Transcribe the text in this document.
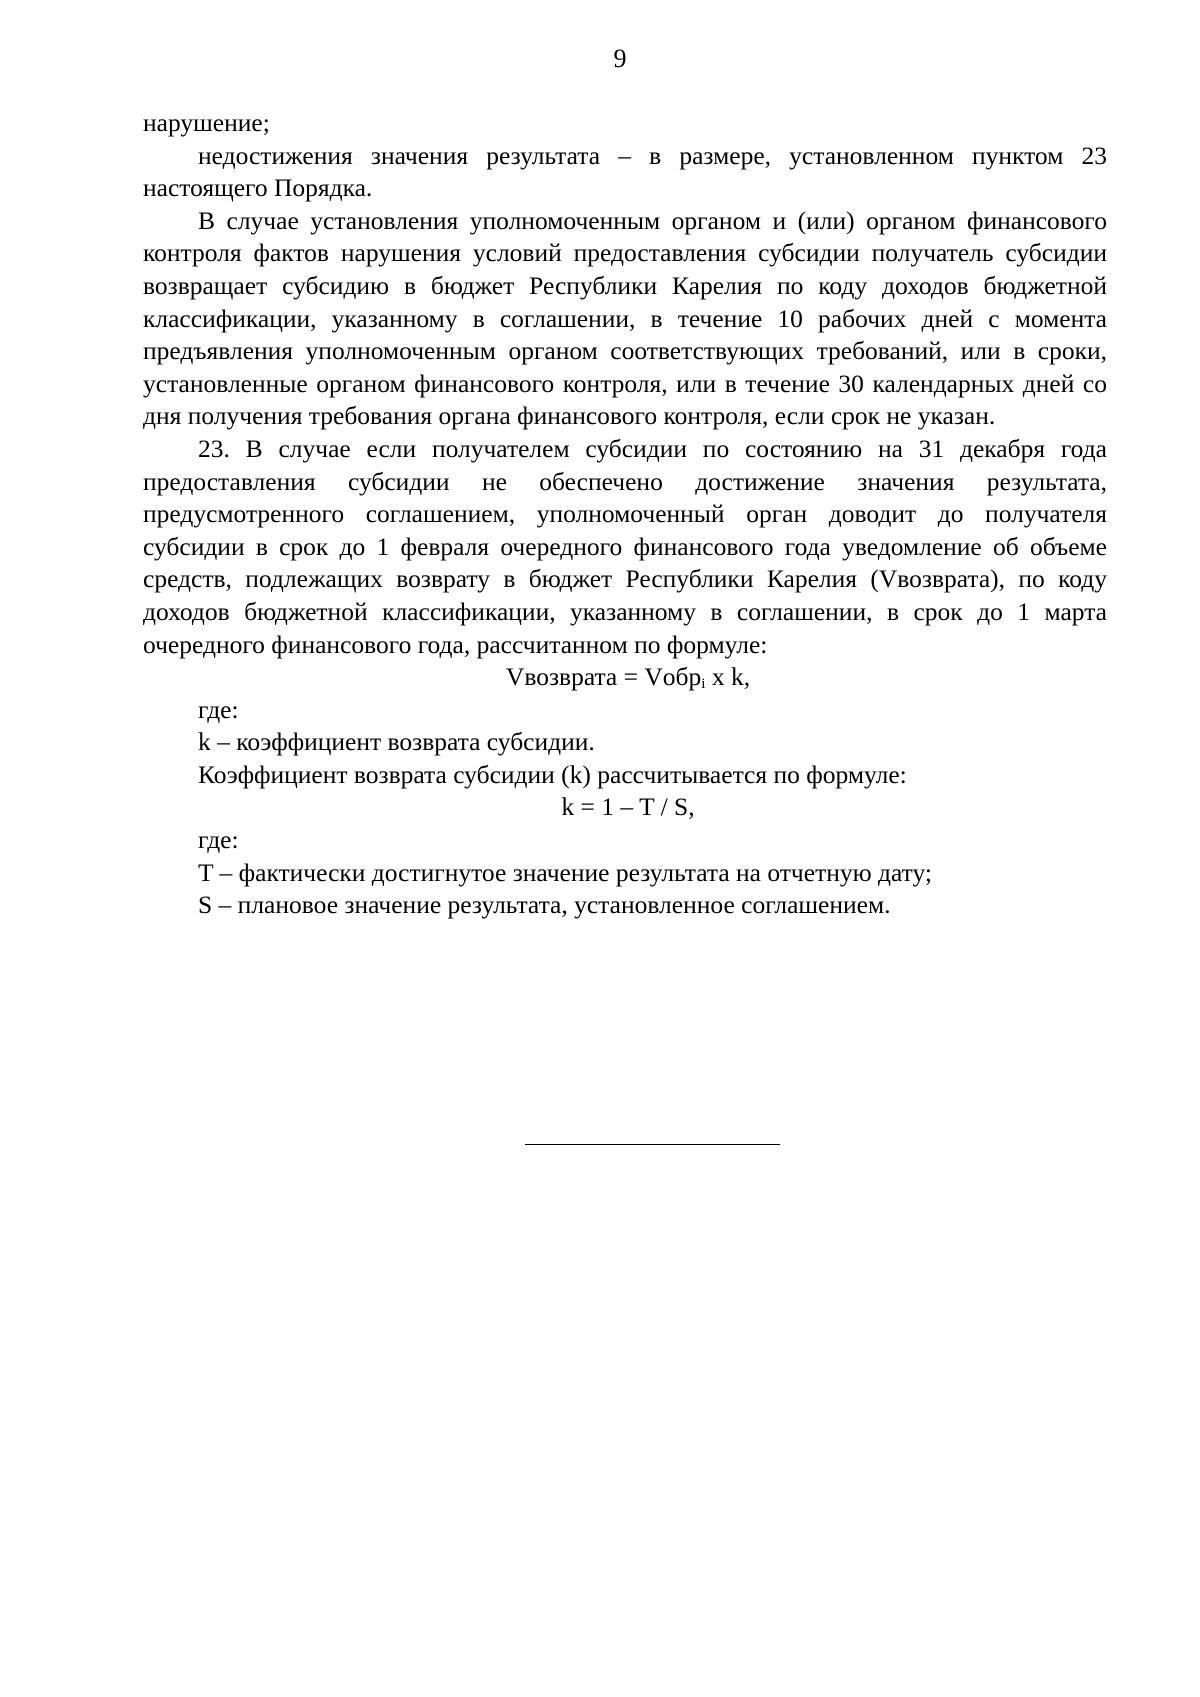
9

нарушение;

недостижения значения результата – в размере, установленном пунктом 23 настоящего Порядка.

В случае установления уполномоченным органом и (или) органом финансового контроля фактов нарушения условий предоставления субсидии получатель субсидии возвращает субсидию в бюджет Республики Карелия по коду доходов бюджетной классификации, указанному в соглашении, в течение 10 рабочих дней с момента предъявления уполномоченным органом соответствующих требований, или в сроки, установленные органом финансового контроля, или в течение 30 календарных дней со дня получения требования органа финансового контроля, если срок не указан.

23. В случае если получателем субсидии по состоянию на 31 декабря года предоставления субсидии не обеспечено достижение значения результата, предусмотренного соглашением, уполномоченный орган доводит до получателя субсидии в срок до 1 февраля очередного финансового года уведомление об объеме средств, подлежащих возврату в бюджет Республики Карелия (Vвозврата), по коду доходов бюджетной классификации, указанному в соглашении, в срок до 1 марта очередного финансового года, рассчитанном по формуле:

Vвозврата = Vобр$_i$ x k,

где:

k – коэффициент возврата субсидии.

Коэффициент возврата субсидии (k) рассчитывается по формуле:

k = 1 – T / S,

где:

T – фактически достигнутое значение результата на отчетную дату;

S – плановое значение результата, установленное соглашением.
